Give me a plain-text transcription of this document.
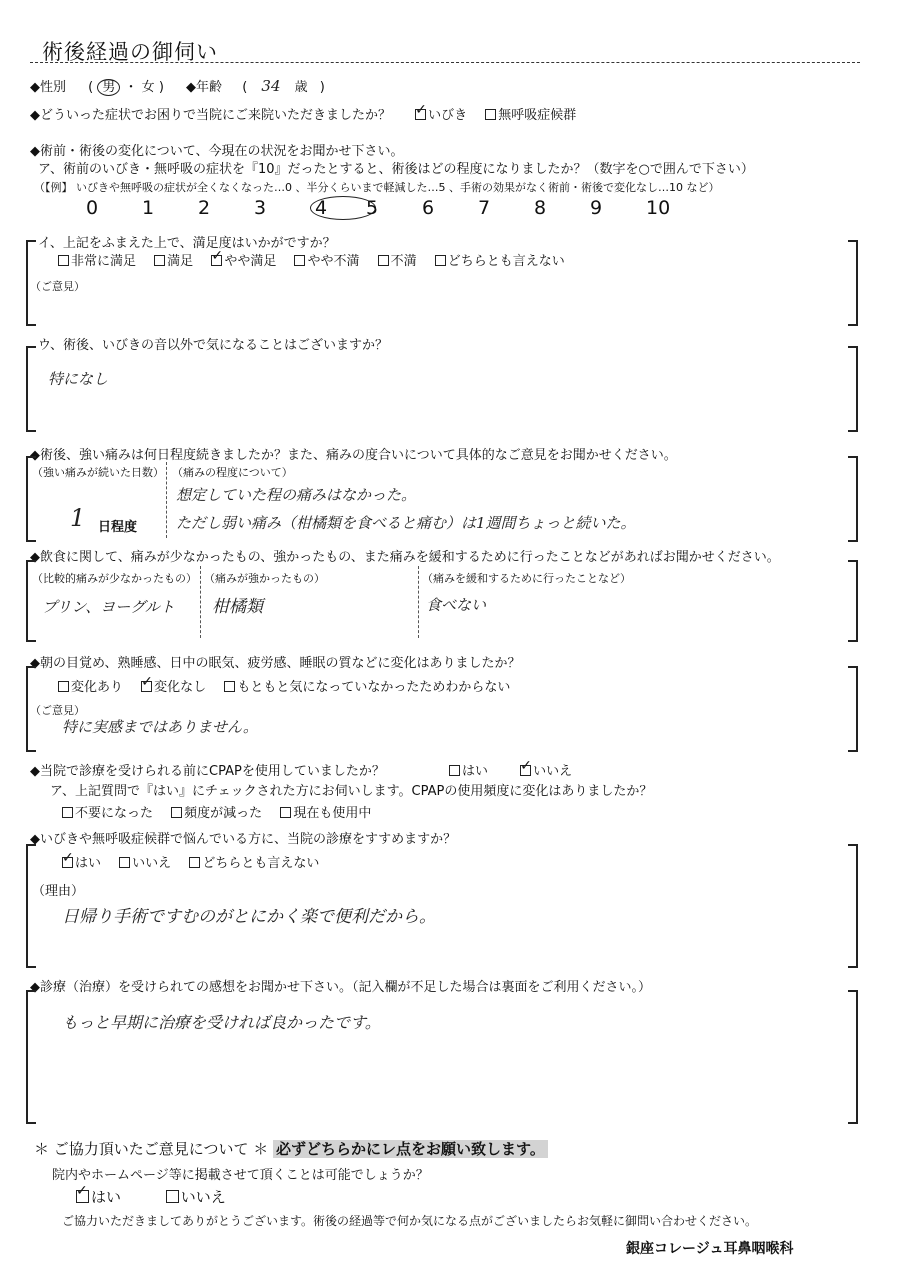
術後経過の御伺い
◆性別 ( 男 ・ 女 ) ◆年齢 ( 34 歳 )
◆どういった症状でお困りで当院にご来院いただきましたか？ ✓	いびき 無呼吸症候群
◆術前・術後の変化について、今現在の状況をお聞かせ下さい。
ア、術前のいびき・無呼吸の症状を『10』だったとすると、術後はどの程度になりましたか？（数字を○で囲んで下さい）
（【例】 いびきや無呼吸の症状が全くなくなった…0 、半分くらいまで軽減した…5 、手術の効果がなく術前・術後で変化なし…10 など）
0 1 2 3	4 5 6 7 8 9 10
イ、上記をふまえた上で、満足度はいかがですか？
非常に満足 満足 ✓ やや満足 やや不満 不満 どちらとも言えない
（ご意見）
ウ、術後、いびきの音以外で気になることはございますか？
特になし
◆術後、強い痛みは何日程度続きましたか？また、痛みの度合いについて具体的なご意見をお聞かせください。
（強い痛みが続いた日数） （痛みの程度について）
1 日程度
想定していた程の痛みはなかった。
ただし弱い痛み（柑橘類を食べると痛む）は1週間ちょっと続いた。
◆飲食に関して、痛みが少なかったもの、強かったもの、また痛みを緩和するために行ったことなどがあればお聞かせください。
（比較的痛みが少なかったもの） （痛みが強かったもの）	（痛みを緩和するために行ったことなど）
プリン、ヨーグルト 柑橘類	食べない
◆朝の目覚め、熟睡感、日中の眠気、疲労感、睡眠の質などに変化はありましたか？
変化あり ✓ 変化なし もともと気になっていなかったためわからない
（ご意見）
特に実感まではありません。
◆当院で診療を受けられる前にCPAPを使用していましたか？	はい ✓	いいえ
ア、上記質問で『はい』にチェックされた方にお伺いします。CPAPの使用頻度に変化はありましたか？
不要になった 頻度が減った 現在も使用中
◆いびきや無呼吸症候群で悩んでいる方に、当院の診療をすすめますか？
✓はい いいえ どちらとも言えない
（理由）
日帰り手術ですむのがとにかく楽で便利だから。
◆診療（治療）を受けられての感想をお聞かせ下さい。（記入欄が不足した場合は裏面をご利用ください。）
もっと早期に治療を受ければ良かったです。
＊ ご協力頂いたご意見について ＊ 必ずどちらかにレ点をお願い致します。
院内やホームページ等に掲載させて頂くことは可能でしょうか？
✓はい	いいえ
ご協力いただきましてありがとうございます。術後の経過等で何か気になる点がございましたらお気軽に御問い合わせください。
銀座コレージュ耳鼻咽喉科
